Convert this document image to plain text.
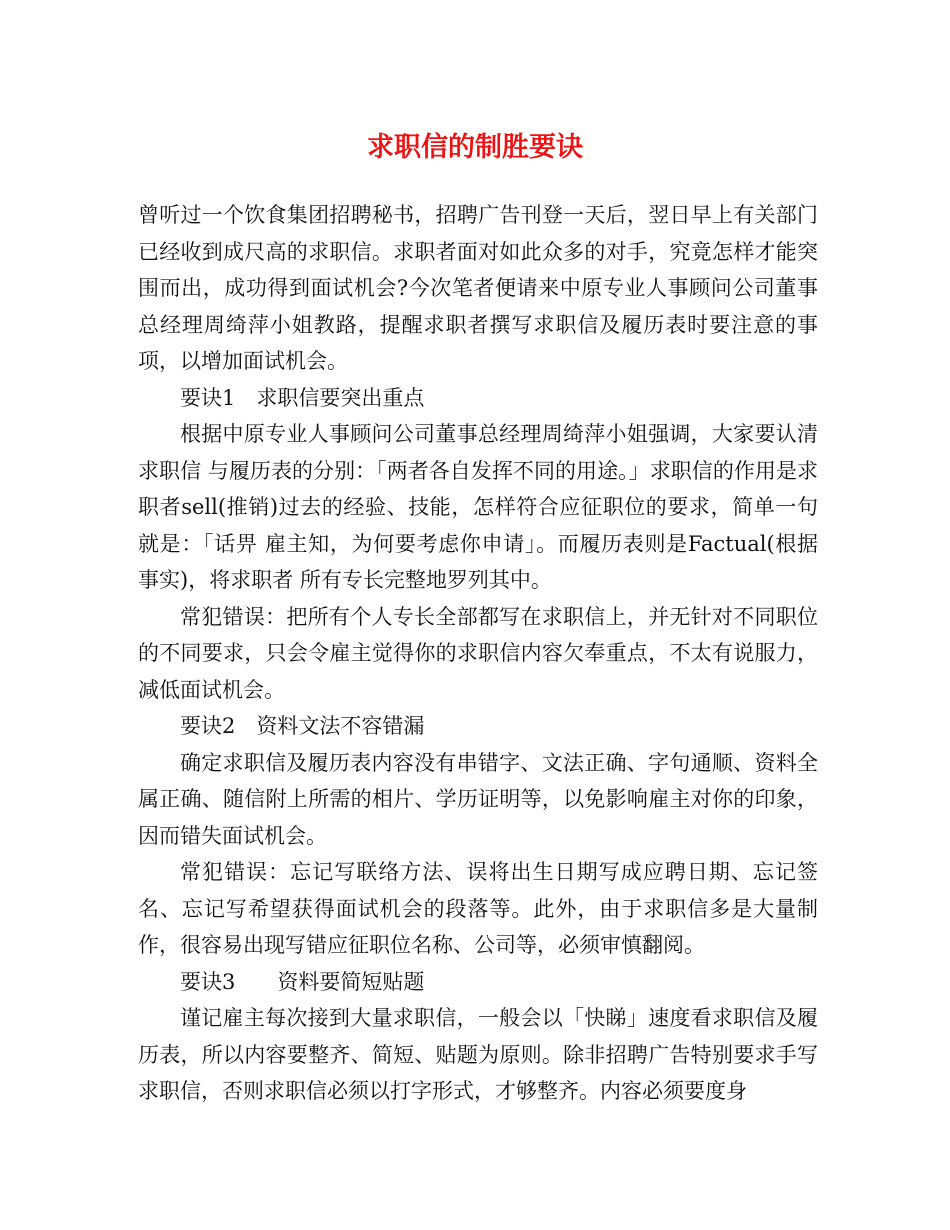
求职信的制胜要诀

曾听过一个饮食集团招聘秘书，招聘广告刊登一天后，翌日早上有关部门已经收到成尺高的求职信。求职者面对如此众多的对手，究竟怎样才能突围而出，成功得到面试机会?今次笔者便请来中原专业人事顾问公司董事总经理周绮萍小姐教路，提醒求职者撰写求职信及履历表时要注意的事项，以增加面试机会。

要诀1　求职信要突出重点

根据中原专业人事顾问公司董事总经理周绮萍小姐强调，大家要认清求职信 与履历表的分别：「两者各自发挥不同的用途。」求职信的作用是求职者sell(推销)过去的经验、技能，怎样符合应征职位的要求，简单一句就是：「话畀 雇主知，为何要考虑你申请」。而履历表则是Factual(根据事实)，将求职者 所有专长完整地罗列其中。

常犯错误：把所有个人专长全部都写在求职信上，并无针对不同职位的不同要求，只会令雇主觉得你的求职信内容欠奉重点，不太有说服力，减低面试机会。

要诀2　资料文法不容错漏

确定求职信及履历表内容没有串错字、文法正确、字句通顺、资料全属正确、随信附上所需的相片、学历证明等，以免影响雇主对你的印象，因而错失面试机会。

常犯错误：忘记写联络方法、误将出生日期写成应聘日期、忘记签名、忘记写希望获得面试机会的段落等。此外，由于求职信多是大量制作，很容易出现写错应征职位名称、公司等，必须审慎翻阅。

要诀3　　资料要简短贴题

谨记雇主每次接到大量求职信，一般会以「快睇」速度看求职信及履历表，所以内容要整齐、简短、贴题为原则。除非招聘广告特别要求手写求职信，否则求职信必须以打字形式，才够整齐。内容必须要度身
